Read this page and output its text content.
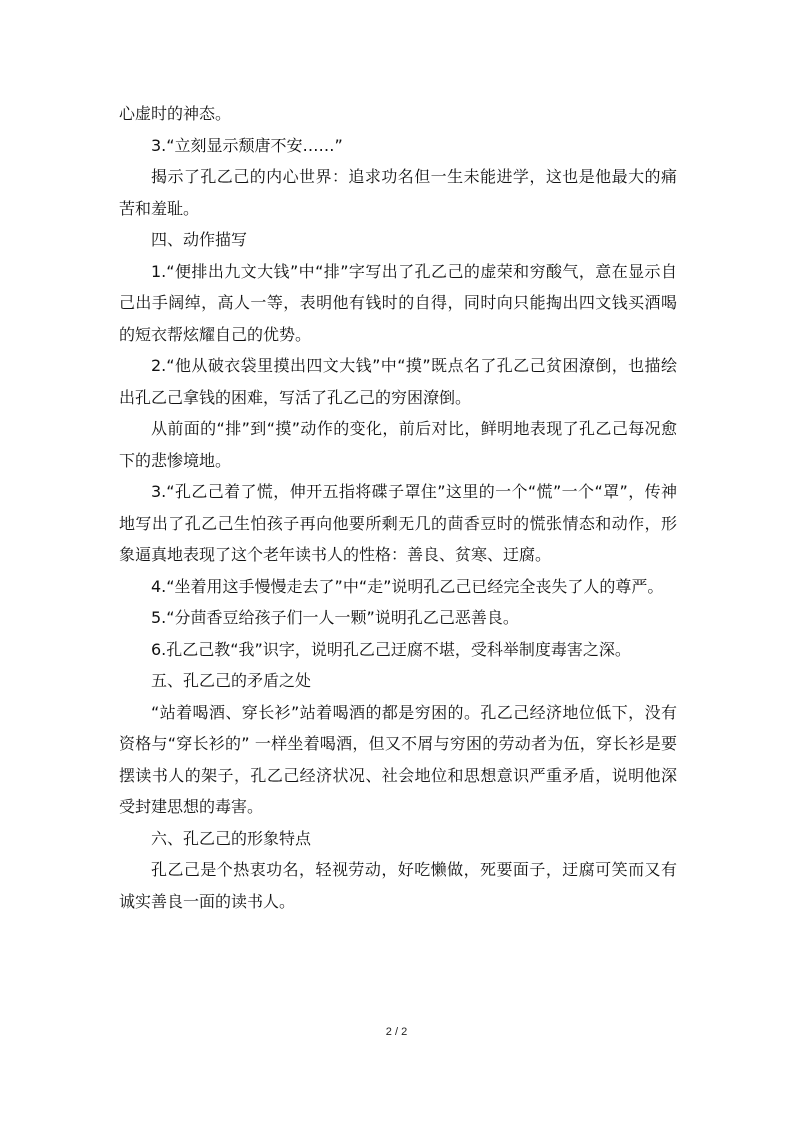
心虚时的神态。

3.“立刻显示颓唐不安……”

揭示了孔乙己的内心世界：追求功名但一生未能进学，这也是他最大的痛苦和羞耻。

四、动作描写

1.“便排出九文大钱”中“排”字写出了孔乙己的虚荣和穷酸气，意在显示自己出手阔绰，高人一等，表明他有钱时的自得，同时向只能掏出四文钱买酒喝的短衣帮炫耀自己的优势。

2.“他从破衣袋里摸出四文大钱”中“摸”既点名了孔乙己贫困潦倒，也描绘出孔乙己拿钱的困难，写活了孔乙己的穷困潦倒。

从前面的“排”到“摸”动作的变化，前后对比，鲜明地表现了孔乙己每况愈下的悲惨境地。

3.“孔乙己着了慌，伸开五指将碟子罩住”这里的一个“慌”一个“罩”，传神地写出了孔乙己生怕孩子再向他要所剩无几的茴香豆时的慌张情态和动作，形象逼真地表现了这个老年读书人的性格：善良、贫寒、迂腐。

4.“坐着用这手慢慢走去了”中“走”说明孔乙己已经完全丧失了人的尊严。

5.“分茴香豆给孩子们一人一颗”说明孔乙己恶善良。

6.孔乙己教“我”识字，说明孔乙己迂腐不堪，受科举制度毒害之深。

五、孔乙己的矛盾之处

“站着喝酒、穿长衫”站着喝酒的都是穷困的。孔乙己经济地位低下，没有资格与“穿长衫的” 一样坐着喝酒，但又不屑与穷困的劳动者为伍，穿长衫是要摆读书人的架子，孔乙己经济状况、社会地位和思想意识严重矛盾，说明他深受封建思想的毒害。

六、孔乙己的形象特点

孔乙己是个热衷功名，轻视劳动，好吃懒做，死要面子，迂腐可笑而又有诚实善良一面的读书人。

2 / 2
